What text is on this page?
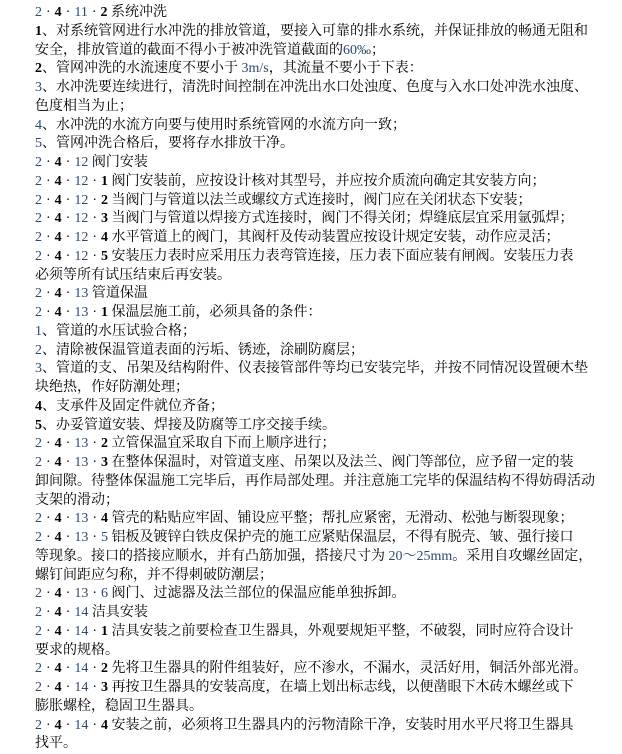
2 · 4 · 11 · 2 系统冲洗
1、对系统管网进行水冲洗的排放管道，要接入可靠的排水系统，并保证排放的畅通无阻和
安全，排放管道的截面不得小于被冲洗管道截面的60‰；
2、管网冲洗的水流速度不要小于 3m/s，其流量不要小于下表：
3、水冲洗要连续进行，清洗时间控制在冲洗出水口处浊度、色度与入水口处冲洗水浊度、
色度相当为止；
4、水冲洗的水流方向要与使用时系统管网的水流方向一致；
5、管网冲洗合格后，要将存水排放干净。
2 · 4 · 12 阀门安装
2 · 4 · 12 · 1 阀门安装前，应按设计核对其型号，并应按介质流向确定其安装方向；
2 · 4 · 12 · 2 当阀门与管道以法兰或螺纹方式连接时，阀门应在关闭状态下安装；
2 · 4 · 12 · 3 当阀门与管道以焊接方式连接时，阀门不得关闭；焊缝底层宜采用氩弧焊；
2 · 4 · 12 · 4 水平管道上的阀门，其阀杆及传动装置应按设计规定安装，动作应灵活；
2 · 4 · 12 · 5 安装压力表时应采用压力表弯管连接，压力表下面应装有闸阀。安装压力表
必须等所有试压结束后再安装。
2 · 4 · 13 管道保温
2 · 4 · 13 · 1 保温层施工前，必须具备的条件：
1、管道的水压试验合格；
2、清除被保温管道表面的污垢、锈迹，涂刷防腐层；
3、管道的支、吊架及结构附件、仪表接管部件等均已安装完毕，并按不同情况设置硬木垫
块绝热，作好防潮处理；
4、支承件及固定件就位齐备；
5、办妥管道安装、焊接及防腐等工序交接手续。
2 · 4 · 13 · 2 立管保温宜采取自下而上顺序进行；
2 · 4 · 13 · 3 在整体保温时，对管道支座、吊架以及法兰、阀门等部位，应予留一定的装
卸间隙。待整体保温施工完毕后，再作局部处理。并注意施工完毕的保温结构不得妨碍活动
支架的滑动；
2 · 4 · 13 · 4 管壳的粘贴应牢固、铺设应平整；帮扎应紧密，无滑动、松弛与断裂现象；
2 · 4 · 13 · 5 铝板及镀锌白铁皮保护壳的施工应紧贴保温层，不得有脱壳、皱、强行接口
等现象。接口的搭接应顺水，并有凸筋加强，搭接尺寸为 20～25mm。采用自攻螺丝固定，
螺钉间距应匀称，并不得刺破防潮层；
2 · 4 · 13 · 6 阀门、过滤器及法兰部位的保温应能单独拆卸。
2 · 4 · 14 洁具安装
2 · 4 · 14 · 1 洁具安装之前要检查卫生器具，外观要规矩平整，不破裂，同时应符合设计
要求的规格。
2 · 4 · 14 · 2 先将卫生器具的附件组装好，应不渗水，不漏水，灵活好用，铜活外部光滑。
2 · 4 · 14 · 3 再按卫生器具的安装高度，在墙上划出标志线，以便凿眼下木砖木螺丝或下
膨胀螺栓，稳固卫生器具。
2 · 4 · 14 · 4 安装之前，必须将卫生器具内的污物清除干净，安装时用水平尺将卫生器具
找平。
